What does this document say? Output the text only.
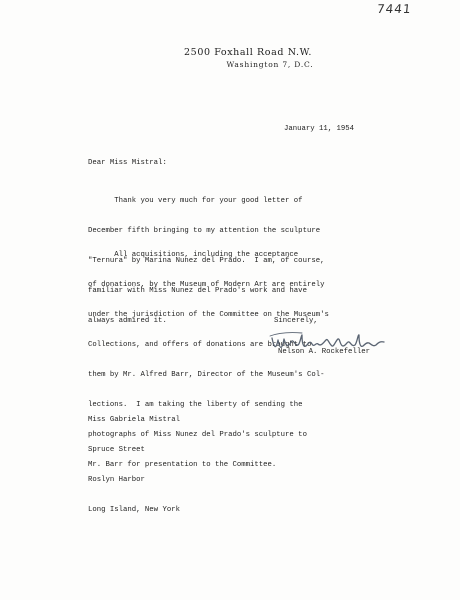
7441
2500 Foxhall Road N.W.
Washington 7, D.C.
January 11, 1954
Dear Miss Mistral:

Thank you very much for your good letter of

December fifth bringing to my attention the sculpture

"Ternura" by Marina Nunez del Prado.  I am, of course,

familiar with Miss Nunez del Prado's work and have

always admired it.

All acquisitions, including the acceptance

of donations, by the Museum of Modern Art are entirely

under the jurisdiction of the Committee on the Museum's

Collections, and offers of donations are brought to

them by Mr. Alfred Barr, Director of the Museum's Col-

lections.  I am taking the liberty of sending the

photographs of Miss Nunez del Prado's sculpture to

Mr. Barr for presentation to the Committee.

Sincerely,
Nelson A. Rockefeller

Miss Gabriela Mistral

Spruce Street

Roslyn Harbor

Long Island, New York
